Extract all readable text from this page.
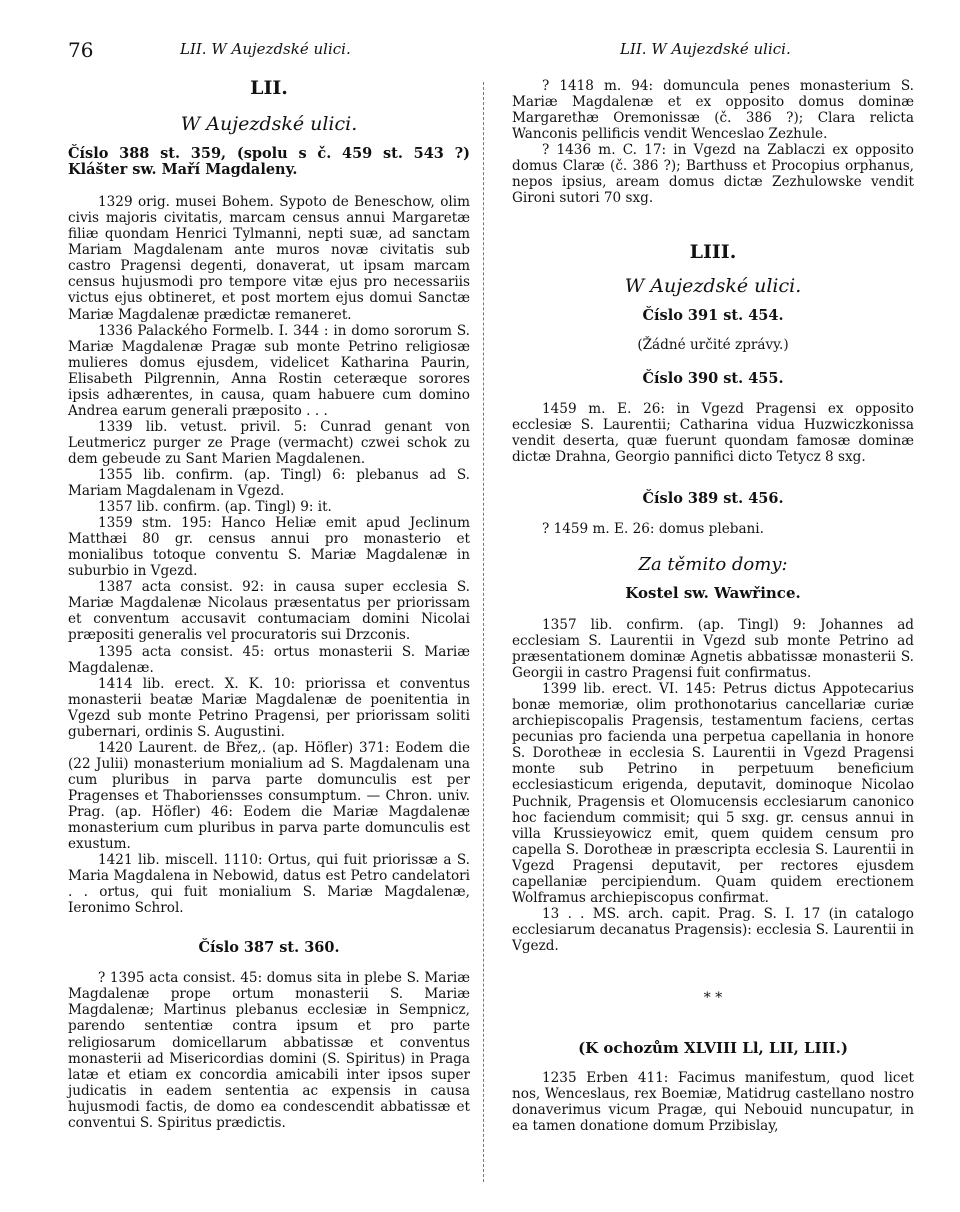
76	LII. W Aujezdské ulici.	LII. W Aujezdské ulici.

LII.

W Aujezdské ulici.

Číslo 388 st. 359, (spolu s č. 459 st. 543 ?) Klášter sw. Maří Magdaleny.

1329 orig. musei Bohem. Sypoto de Beneschow, olim civis majoris civitatis, marcam census annui Margaretæ filiæ quondam Henrici Tylmanni, nepti suæ, ad sanctam Mariam Magdalenam ante muros novæ civitatis sub castro Pragensi degenti, donaverat, ut ipsam marcam census hujusmodi pro tempore vitæ ejus pro necessariis victus ejus obtineret, et post mortem ejus domui Sanctæ Mariæ Magdalenæ prædictæ remaneret.

1336 Palackého Formelb. I. 344 : in domo sororum S. Mariæ Magdalenæ Pragæ sub monte Petrino religiosæ mulieres domus ejusdem, videlicet Katharina Paurin, Elisabeth Pilgrennin, Anna Rostin ceteræque sorores ipsis adhærentes, in causa, quam habuere cum domino Andrea earum generali præposito . . .

1339 lib. vetust. privil. 5: Cunrad genant von Leutmericz purger ze Prage (vermacht) czwei schok zu dem gebeude zu Sant Marien Magdalenen.

1355 lib. confirm. (ap. Tingl) 6: plebanus ad S. Mariam Magdalenam in Vgezd.

1357 lib. confirm. (ap. Tingl) 9: it.

1359 stm. 195: Hanco Heliæ emit apud Jeclinum Matthæi 80 gr. census annui pro monasterio et monialibus totoque conventu S. Mariæ Magdalenæ in suburbio in Vgezd.

1387 acta consist. 92: in causa super ecclesia S. Mariæ Magdalenæ Nicolaus præsentatus per priorissam et conventum accusavit contumaciam domini Nicolai præpositi generalis vel procuratoris sui Drzconis.

1395 acta consist. 45: ortus monasterii S. Mariæ Magdalenæ.

1414 lib. erect. X. K. 10: priorissa et conventus monasterii beatæ Mariæ Magdalenæ de poenitentia in Vgezd sub monte Petrino Pragensi, per priorissam soliti gubernari, ordinis S. Augustini.

1420 Laurent. de Břez,. (ap. Höfler) 371: Eodem die (22 Julii) monasterium monialium ad S. Magdalenam una cum pluribus in parva parte domunculis est per Pragenses et Thaboriensses consumptum. — Chron. univ. Prag. (ap. Höfler) 46: Eodem die Mariæ Magdalenæ monasterium cum pluribus in parva parte domunculis est exustum.

1421 lib. miscell. 1110: Ortus, qui fuit priorissæ a S. Maria Magdalena in Nebowid, datus est Petro candelatori . . ortus, qui fuit monialium S. Mariæ Magdalenæ, Ieronimo Schrol.

Číslo 387 st. 360.

? 1395 acta consist. 45: domus sita in plebe S. Mariæ Magdalenæ prope ortum monasterii S. Mariæ Magdalenæ; Martinus plebanus ecclesiæ in Sempnicz, parendo sententiæ contra ipsum et pro parte religiosarum domicellarum abbatissæ et conventus monasterii ad Misericordias domini (S. Spiritus) in Praga latæ et etiam ex concordia amicabili inter ipsos super judicatis in eadem sententia ac expensis in causa hujusmodi factis, de domo ea condescendit abbatissæ et conventui S. Spiritus prædictis.

? 1418 m. 94: domuncula penes monasterium S. Mariæ Magdalenæ et ex opposito domus dominæ Margarethæ Oremonissæ (č. 386 ?); Clara relicta Wanconis pellificis vendit Wenceslao Zezhule.

? 1436 m. C. 17: in Vgezd na Zablaczi ex opposito domus Claræ (č. 386 ?); Barthuss et Procopius orphanus, nepos ipsius, aream domus dictæ Zezhulowske vendit Gironi sutori 70 sxg.

LIII.

W Aujezdské ulici.

Číslo 391 st. 454.

(Žádné určité zprávy.)

Číslo 390 st. 455.

1459 m. E. 26: in Vgezd Pragensi ex opposito ecclesiæ S. Laurentii; Catharina vidua Huzwiczkonissa vendit deserta, quæ fuerunt quondam famosæ dominæ dictæ Drahna, Georgio pannifici dicto Tetycz 8 sxg.

Číslo 389 st. 456.

? 1459 m. E. 26: domus plebani.

Za těmito domy:

Kostel sw. Wawřince.

1357 lib. confirm. (ap. Tingl) 9: Johannes ad ecclesiam S. Laurentii in Vgezd sub monte Petrino ad præsentationem dominæ Agnetis abbatissæ monasterii S. Georgii in castro Pragensi fuit confirmatus.

1399 lib. erect. VI. 145: Petrus dictus Appotecarius bonæ memoriæ, olim prothonotarius cancellariæ curiæ archiepiscopalis Pragensis, testamentum faciens, certas pecunias pro facienda una perpetua capellania in honore S. Dorotheæ in ecclesia S. Laurentii in Vgezd Pragensi monte sub Petrino in perpetuum beneficium ecclesiasticum erigenda, deputavit, dominoque Nicolao Puchnik, Pragensis et Olomucensis ecclesiarum canonico hoc faciendum commisit; qui 5 sxg. gr. census annui in villa Krussieyowicz emit, quem quidem censum pro capella S. Dorotheæ in præscripta ecclesia S. Laurentii in Vgezd Pragensi deputavit, per rectores ejusdem capellaniæ percipiendum. Quam quidem erectionem Wolframus archiepiscopus confirmat.

13 . . MS. arch. capit. Prag. S. I. 17 (in catalogo ecclesiarum decanatus Pragensis): ecclesia S. Laurentii in Vgezd.

* *

(K ochozům XLVIII Ll, LII, LIII.)

1235 Erben 411: Facimus manifestum, quod licet nos, Wenceslaus, rex Boemiæ, Matidrug castellano nostro donaverimus vicum Pragæ, qui Nebouid nuncupatur, in ea tamen donatione domum Przibislay,
